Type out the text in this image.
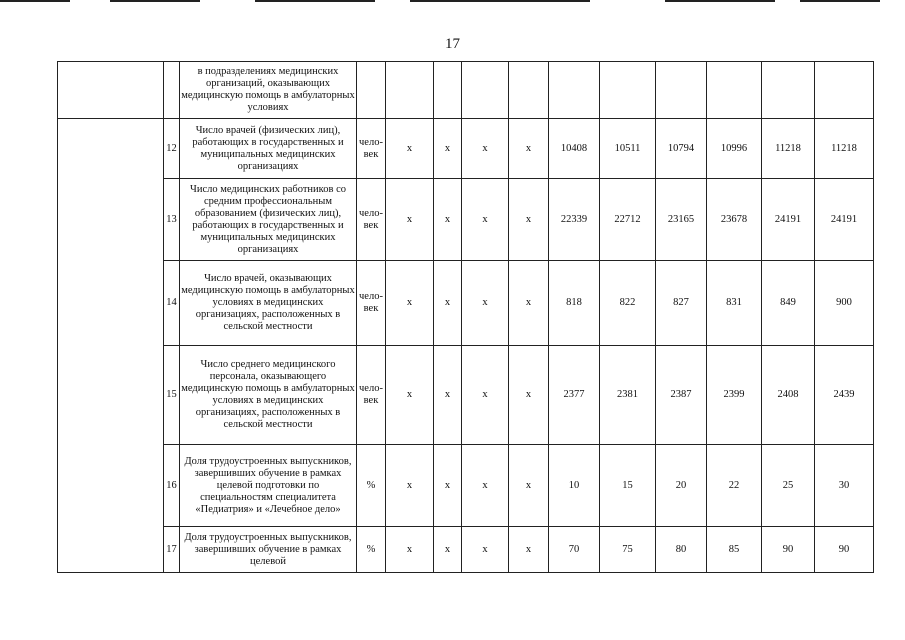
17
		в подразделениях медицинских организаций, оказывающих медицинскую помощь в амбулаторных условиях											
	12	Число врачей (физических лиц), работающих в государственных и муниципальных медицинских организациях	чело-век	x	x	x	x	10408	10511	10794	10996	11218	11218
	13	Число медицинских работников со средним профессиональным образованием (физических лиц), работающих в государственных и муниципальных медицинских организациях	чело-век	x	x	x	x	22339	22712	23165	23678	24191	24191
	14	Число врачей, оказывающих медицинскую помощь в амбулаторных условиях в медицинских организациях, расположенных в сельской местности	чело-век	x	x	x	x	818	822	827	831	849	900
	15	Число среднего медицинского персонала, оказывающего медицинскую помощь в амбулаторных условиях в медицинских организациях, расположенных в сельской местности	чело-век	x	x	x	x	2377	2381	2387	2399	2408	2439
	16	Доля трудоустроенных выпускников, завершивших обучение в рамках целевой подготовки по специальностям специалитета «Педиатрия» и «Лечебное дело»	%	x	x	x	x	10	15	20	22	25	30
	17	Доля трудоустроенных выпускников, завершивших обучение в рамках целевой	%	x	x	x	x	70	75	80	85	90	90
